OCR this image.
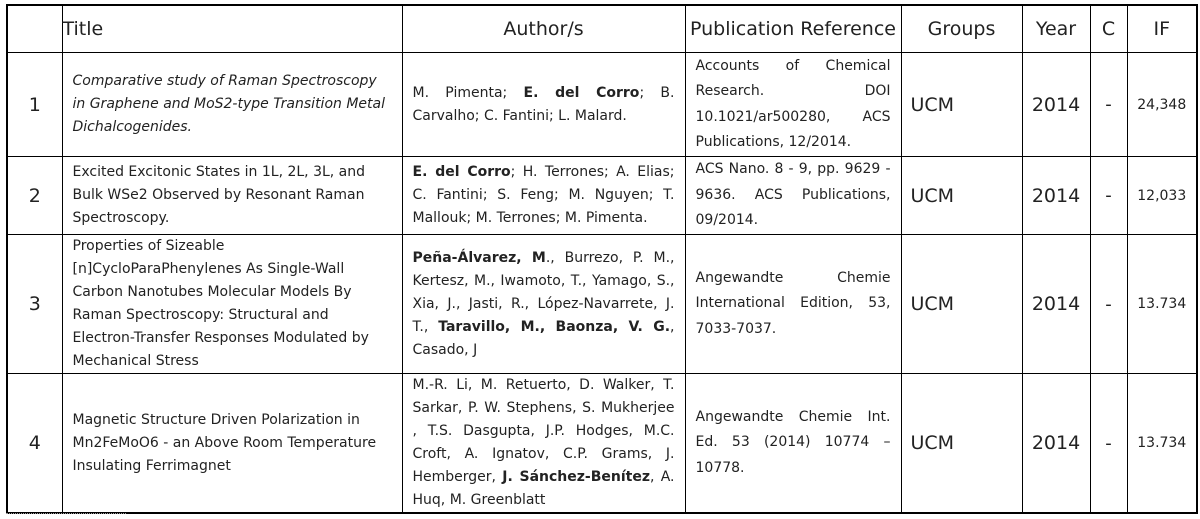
	Title	Author/s	Publication Reference	Groups	Year	C	IF
1	Comparative study of Raman Spectroscopy in Graphene and MoS2-type Transition Metal Dichalcogenides.	M. Pimenta; E. del Corro; B. Carvalho; C. Fantini; L. Malard.	Accounts of Chemical Research. DOI 10.1021/ar500280, ACS Publications, 12/2014.	UCM	2014	-	24,348
2	Excited Excitonic States in 1L, 2L, 3L, and Bulk WSe2 Observed by Resonant Raman Spectroscopy.	E. del Corro; H. Terrones; A. Elias; C. Fantini; S. Feng; M. Nguyen; T. Mallouk; M. Terrones; M. Pimenta.	ACS Nano. 8 - 9, pp. 9629 - 9636. ACS Publications, 09/2014.	UCM	2014	-	12,033
3	Properties of Sizeable [n]CycloParaPhenylenes As Single-Wall Carbon Nanotubes Molecular Models By Raman Spectroscopy: Structural and Electron-Transfer Responses Modulated by Mechanical Stress	Peña-Álvarez, M., Burrezo, P. M., Kertesz, M., Iwamoto, T., Yamago, S., Xia, J., Jasti, R., López-Navarrete, J. T., Taravillo, M., Baonza, V. G., Casado, J	Angewandte Chemie International Edition, 53, 7033-7037.	UCM	2014	-	13.734
4	Magnetic Structure Driven Polarization in Mn2FeMoO6 - an Above Room Temperature Insulating Ferrimagnet	M.-R. Li, M. Retuerto, D. Walker, T. Sarkar, P. W. Stephens, S. Mukherjee , T.S. Dasgupta, J.P. Hodges, M.C. Croft, A. Ignatov, C.P. Grams, J. Hemberger, J. Sánchez-Benítez, A. Huq, M. Greenblatt	Angewandte Chemie Int. Ed. 53 (2014) 10774 –10778.	UCM	2014	-	13.734
